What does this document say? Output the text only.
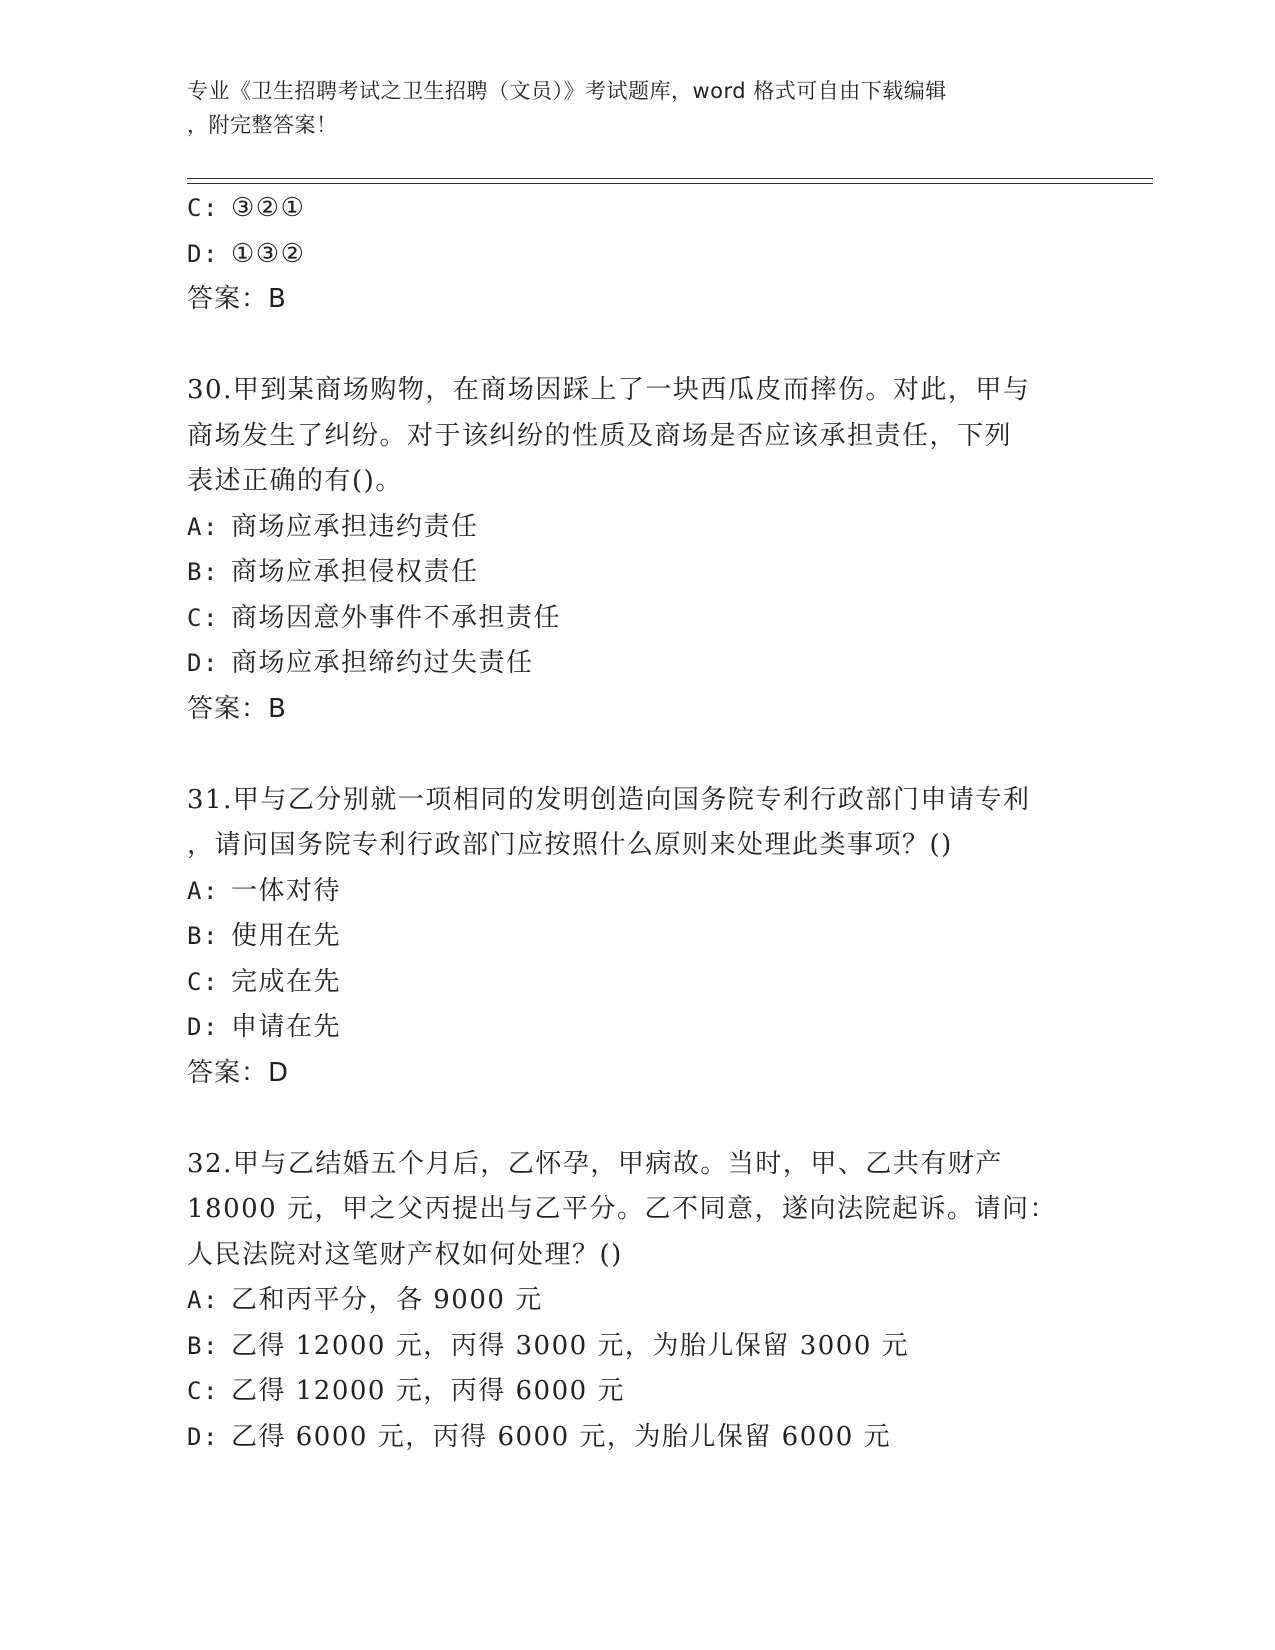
专业《卫生招聘考试之卫生招聘（文员）》考试题库，word 格式可自由下载编辑
，附完整答案！
C: ③②①
D: ①③②
答案：B
30.甲到某商场购物，在商场因踩上了一块西瓜皮而摔伤。对此，甲与
商场发生了纠纷。对于该纠纷的性质及商场是否应该承担责任，下列
表述正确的有()。
A: 商场应承担违约责任
B: 商场应承担侵权责任
C: 商场因意外事件不承担责任
D: 商场应承担缔约过失责任
答案：B
31.甲与乙分别就一项相同的发明创造向国务院专利行政部门申请专利
，请问国务院专利行政部门应按照什么原则来处理此类事项？()
A: 一体对待
B: 使用在先
C: 完成在先
D: 申请在先
答案：D
32.甲与乙结婚五个月后，乙怀孕，甲病故。当时，甲、乙共有财产
18000 元，甲之父丙提出与乙平分。乙不同意，遂向法院起诉。请问：
人民法院对这笔财产权如何处理？()
A: 乙和丙平分，各 9000 元
B: 乙得 12000 元，丙得 3000 元，为胎儿保留 3000 元
C: 乙得 12000 元，丙得 6000 元
D: 乙得 6000 元，丙得 6000 元，为胎儿保留 6000 元
